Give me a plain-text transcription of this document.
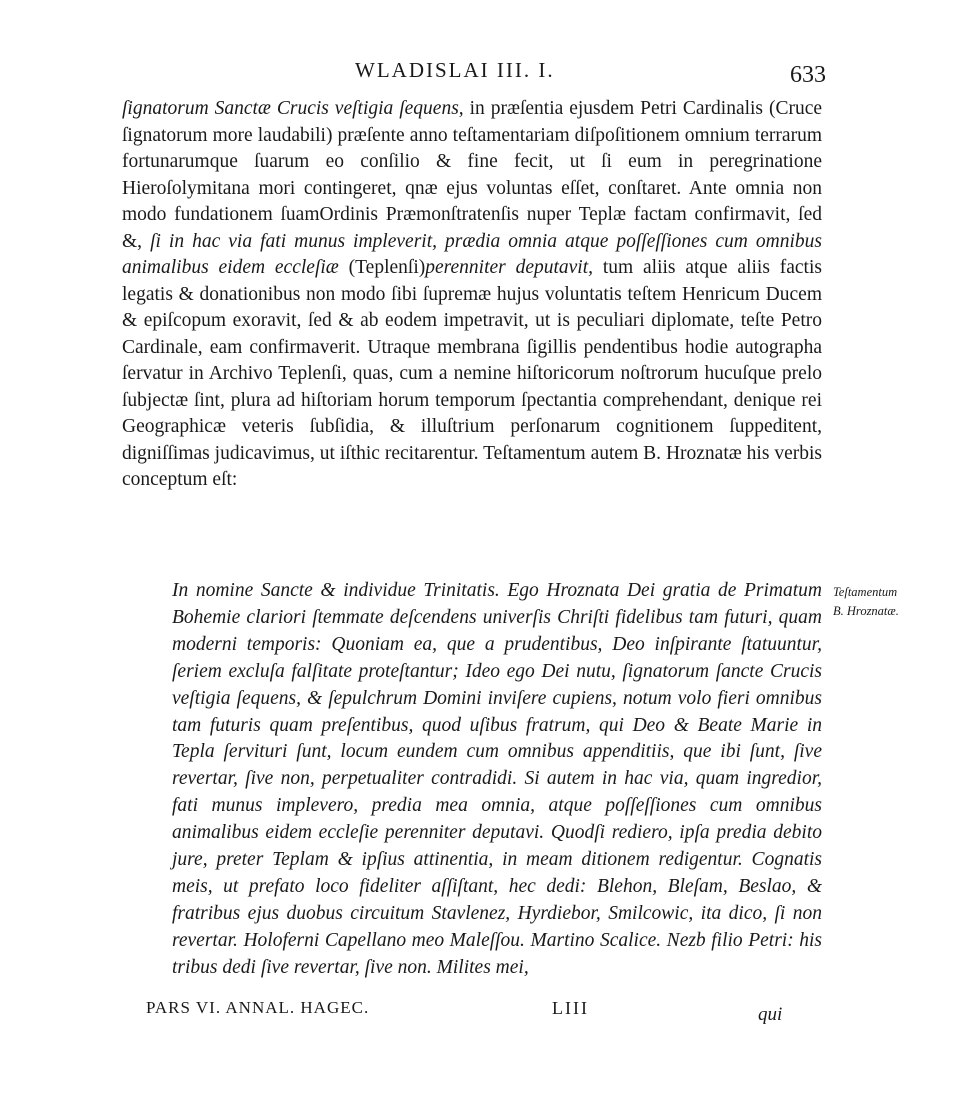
WLADISLAI III. I.	633
ſignatorum Sanctæ Crucis veſtigia ſequens, in præſentia ejusdem Petri Cardinalis (Cruce ſignatorum more laudabili) præſente anno teſtamentariam diſpoſitionem omnium terrarum fortunarumque ſuarum eo conſilio & fine fecit, ut ſi eum in peregrinatione Hieroſolymitana mori contingeret, qnæ ejus voluntas eſſet, conſtaret. Ante omnia non modo fundationem ſuamOrdinis Præmonſtratenſis nuper Teplæ factam confirmavit, ſed &, ſi in hac via fati munus impleverit, prædia omnia atque poſſeſſiones cum omnibus animalibus eidem eccleſiæ (Teplenſi)perenniter deputavit, tum aliis atque aliis factis legatis & donationibus non modo ſibi ſupremæ hujus voluntatis teſtem Henricum Ducem & epiſcopum exoravit, ſed & ab eodem impetravit, ut is peculiari diplomate, teſte Petro Cardinale, eam confirmaverit. Utraque membrana ſigillis pendentibus hodie autographa ſervatur in Archivo Teplenſi, quas, cum a nemine hiſtoricorum noſtrorum hucuſque prelo ſubjectæ ſint, plura ad hiſtoriam horum temporum ſpectantia comprehendant, denique rei Geographicæ veteris ſubſidia, & illuſtrium perſonarum cognitionem ſuppeditent, digniſſimas judicavimus, ut iſthic recitarentur. Teſtamentum autem B. Hroznatæ his verbis conceptum eſt:
In nomine Sancte & individue Trinitatis. Ego Hroznata Dei gratia de Primatum Bohemie clariori ſtemmate deſcendens univerſis Chriſti fidelibus tam futuri, quam moderni temporis: Quoniam ea, que a prudentibus, Deo inſpirante ſtatuuntur, ſeriem excluſa falſitate proteſtantur; Ideo ego Dei nutu, ſignatorum ſancte Crucis veſtigia ſequens, & ſepulchrum Domini inviſere cupiens, notum volo fieri omnibus tam futuris quam preſentibus, quod uſibus fratrum, qui Deo & Beate Marie in Tepla ſervituri ſunt, locum eundem cum omnibus appenditiis, que ibi ſunt, ſive revertar, ſive non, perpetualiter contradidi. Si autem in hac via, quam ingredior, fati munus implevero, predia mea omnia, atque poſſeſſiones cum omnibus animalibus eidem eccleſie perenniter deputavi. Quodſi rediero, ipſa predia debito jure, preter Teplam & ipſius attinentia, in meam ditionem redigentur. Cognatis meis, ut prefato loco fideliter aſſiſtant, hec dedi: Blehon, Bleſam, Beslao, & fratribus ejus duobus circuitum Stavlenez, Hyrdiebor, Smilcowic, ita dico, ſi non revertar. Holoferni Capellano meo Maleſſou. Martino Scalice. Nezb filio Petri: his tribus dedi ſive revertar, ſive non. Milites mei,
Teſtamentum
B. Hroznatæ.
PARS VI. ANNAL. HAGEC.	LIII	qui
